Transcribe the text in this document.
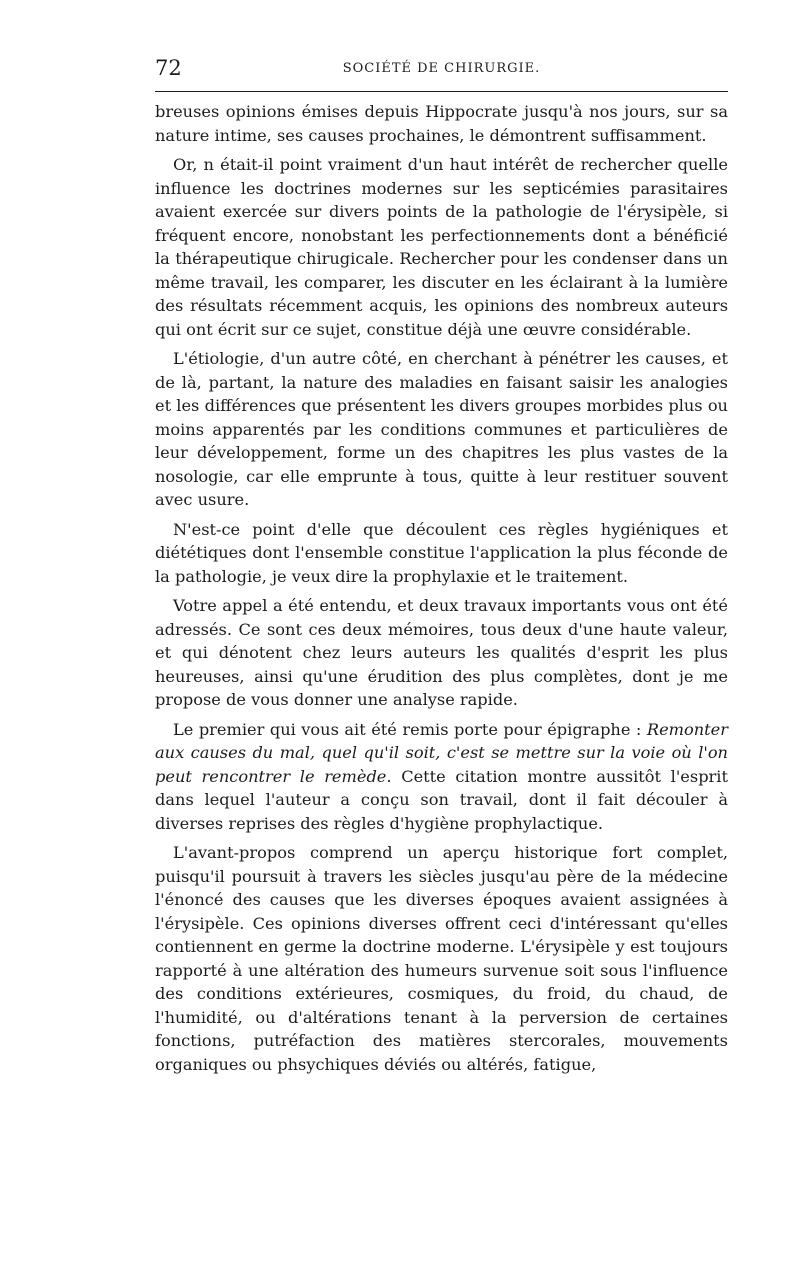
72	SOCIÉTÉ DE CHIRURGIE.

breuses opinions émises depuis Hippocrate jusqu'à nos jours, sur sa nature intime, ses causes prochaines, le démontrent suffisamment.

Or, n était-il point vraiment d'un haut intérêt de rechercher quelle influence les doctrines modernes sur les septicémies parasitaires avaient exercée sur divers points de la pathologie de l'érysipèle, si fréquent encore, nonobstant les perfectionnements dont a bénéficié la thérapeutique chirugicale. Rechercher pour les condenser dans un même travail, les comparer, les discuter en les éclairant à la lumière des résultats récemment acquis, les opinions des nombreux auteurs qui ont écrit sur ce sujet, constitue déjà une œuvre considérable.

L'étiologie, d'un autre côté, en cherchant à pénétrer les causes, et de là, partant, la nature des maladies en faisant saisir les analogies et les différences que présentent les divers groupes morbides plus ou moins apparentés par les conditions communes et particulières de leur développement, forme un des chapitres les plus vastes de la nosologie, car elle emprunte à tous, quitte à leur restituer souvent avec usure.

N'est-ce point d'elle que découlent ces règles hygiéniques et diététiques dont l'ensemble constitue l'application la plus féconde de la pathologie, je veux dire la prophylaxie et le traitement.

Votre appel a été entendu, et deux travaux importants vous ont été adressés. Ce sont ces deux mémoires, tous deux d'une haute valeur, et qui dénotent chez leurs auteurs les qualités d'esprit les plus heureuses, ainsi qu'une érudition des plus complètes, dont je me propose de vous donner une analyse rapide.

Le premier qui vous ait été remis porte pour épigraphe : Remonter aux causes du mal, quel qu'il soit, c'est se mettre sur la voie où l'on peut rencontrer le remède. Cette citation montre aussitôt l'esprit dans lequel l'auteur a conçu son travail, dont il fait découler à diverses reprises des règles d'hygiène prophylactique.

L'avant-propos comprend un aperçu historique fort complet, puisqu'il poursuit à travers les siècles jusqu'au père de la médecine l'énoncé des causes que les diverses époques avaient assignées à l'érysipèle. Ces opinions diverses offrent ceci d'intéressant qu'elles contiennent en germe la doctrine moderne. L'érysipèle y est toujours rapporté à une altération des humeurs survenue soit sous l'influence des conditions extérieures, cosmiques, du froid, du chaud, de l'humidité, ou d'altérations tenant à la perversion de certaines fonctions, putréfaction des matières stercorales, mouvements organiques ou phsychiques déviés ou altérés, fatigue,
